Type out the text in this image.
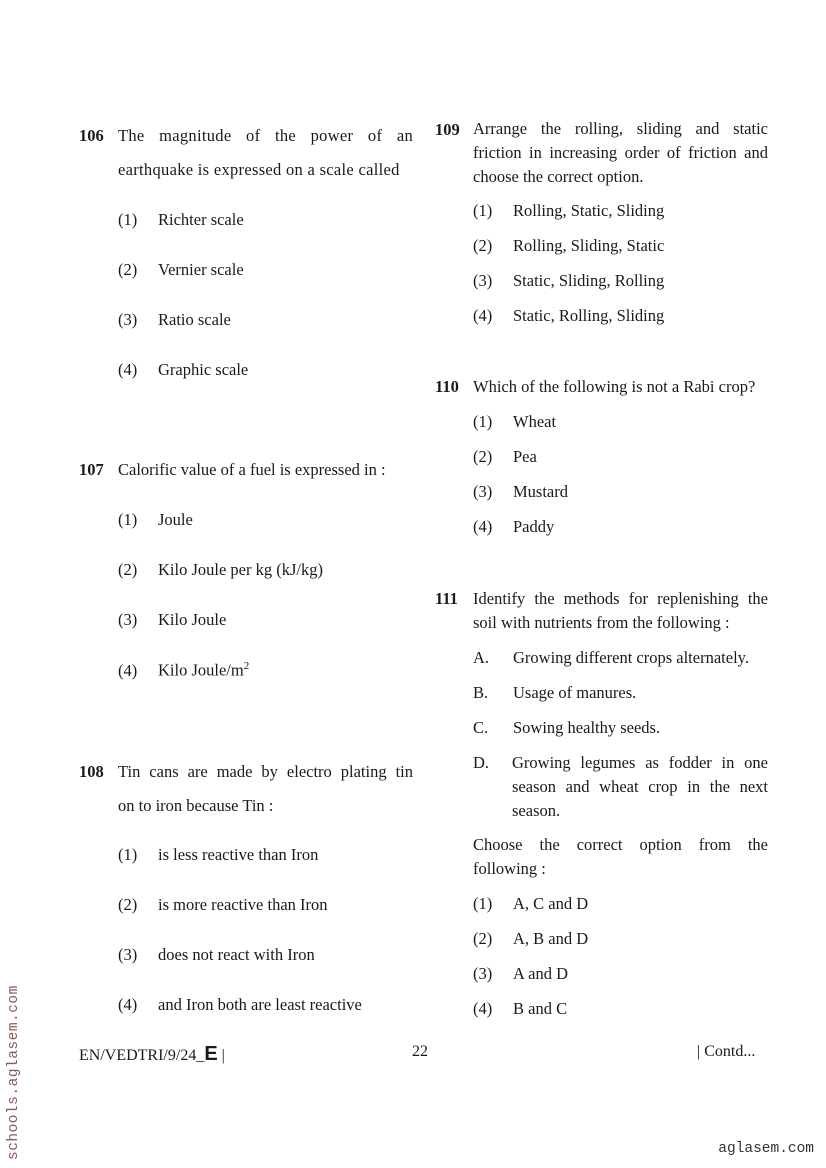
106 The magnitude of the power of an
earthquake is expressed on a scale called
(1) Richter scale
(2) Vernier scale
(3) Ratio scale
(4) Graphic scale
107 Calorific value of a fuel is expressed in :
(1) Joule
(2) Kilo Joule per kg (kJ/kg)
(3) Kilo Joule
(4) Kilo Joule/$m^2$
108 Tin cans are made by electro plating tin
on to iron because Tin :
(1) is less reactive than Iron
(2) is more reactive than Iron
(3) does not react with Iron
(4) and Iron both are least reactive
109 Arrange the rolling, sliding and static
friction in increasing order of friction and
choose the correct option.
(1) Rolling, Static, Sliding
(2) Rolling, Sliding, Static
(3) Static, Sliding, Rolling
(4) Static, Rolling, Sliding
110 Which of the following is not a Rabi crop?
(1) Wheat
(2) Pea
(3) Mustard
(4) Paddy
111 Identify the methods for replenishing the
soil with nutrients from the following :
A. Growing different crops alternately.
B. Usage of manures.
C. Sowing healthy seeds.
D.	Growing legumes as fodder in one
season and wheat crop in the next
season.
Choose the correct option from the
following :
(1) A, C and D
(2) A, B and D
(3) A and D
(4) B and C
EN/VEDTRI/9/24_E |	22	| Contd...
schools.aglasem.com	aglasem.com
